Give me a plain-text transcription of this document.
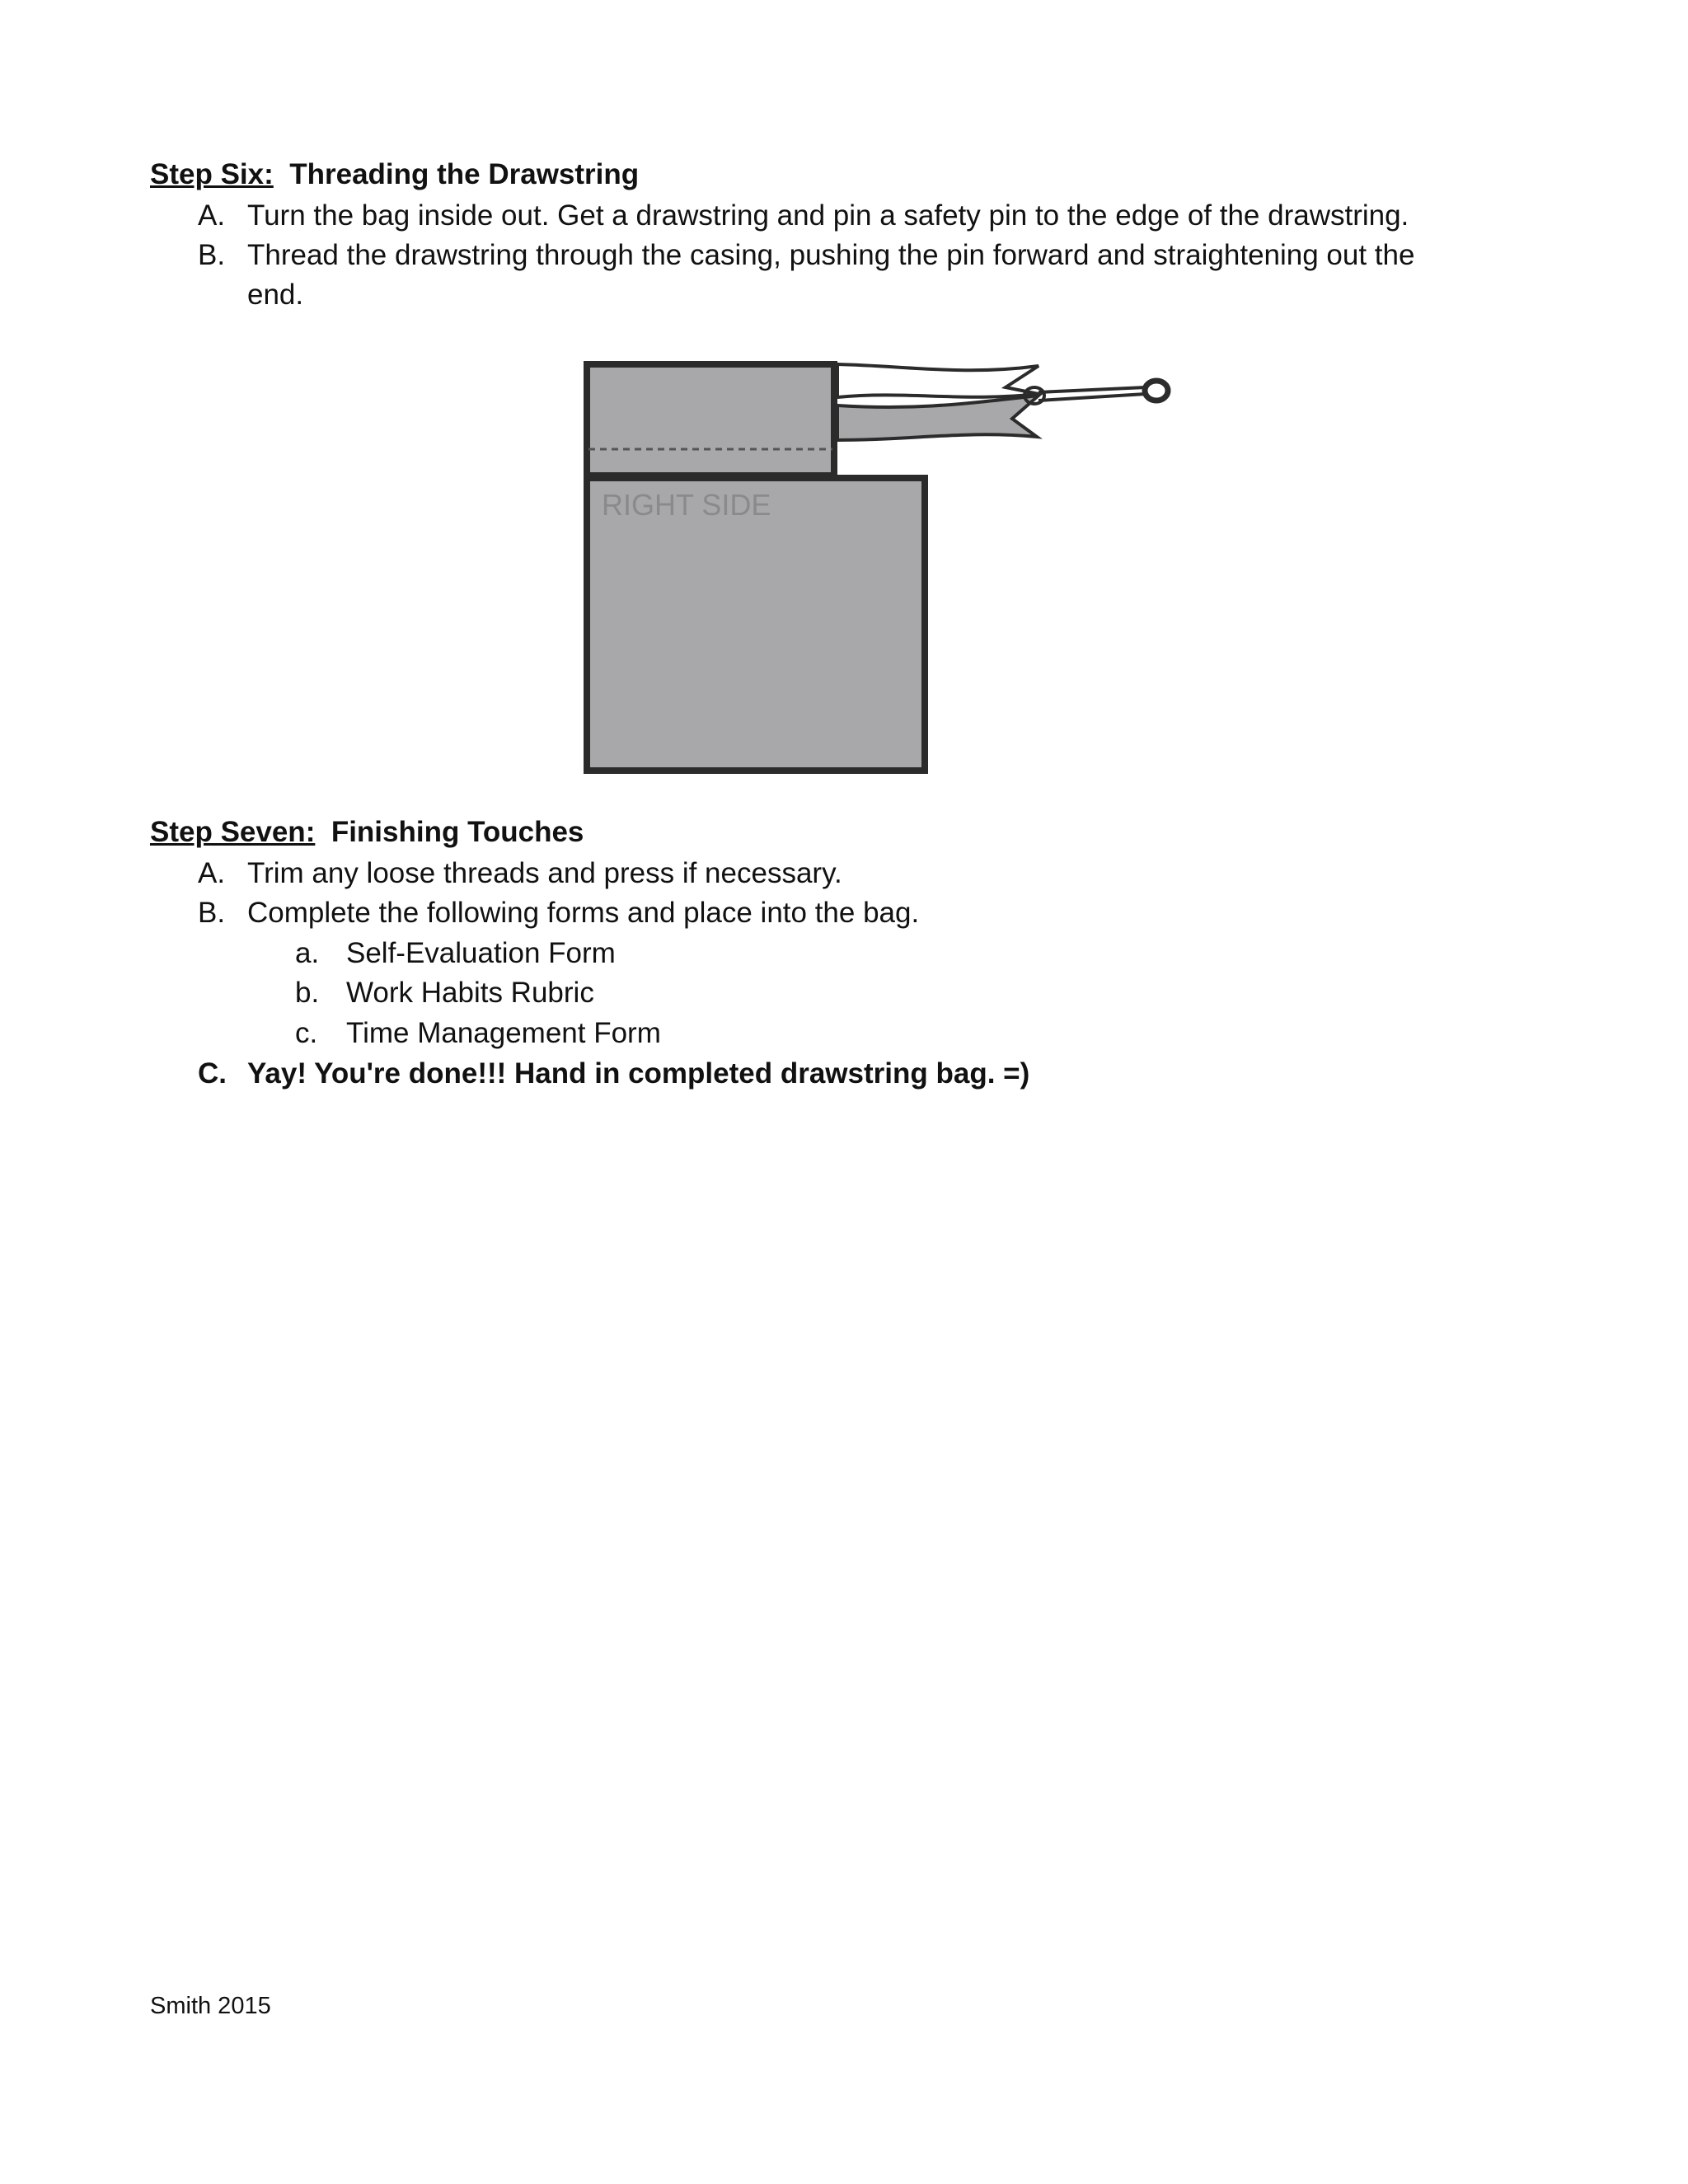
Step Six: Threading the Drawstring
A. Turn the bag inside out. Get a drawstring and pin a safety pin to the edge of the drawstring.
B. Thread the drawstring through the casing, pushing the pin forward and straightening out the
end.
RIGHT SIDE
Step Seven: Finishing Touches
A. Trim any loose threads and press if necessary.
B. Complete the following forms and place into the bag.
a. Self-Evaluation Form
b. Work Habits Rubric
c. Time Management Form
C. Yay! You're done!!! Hand in completed drawstring bag. =)
Smith 2015
